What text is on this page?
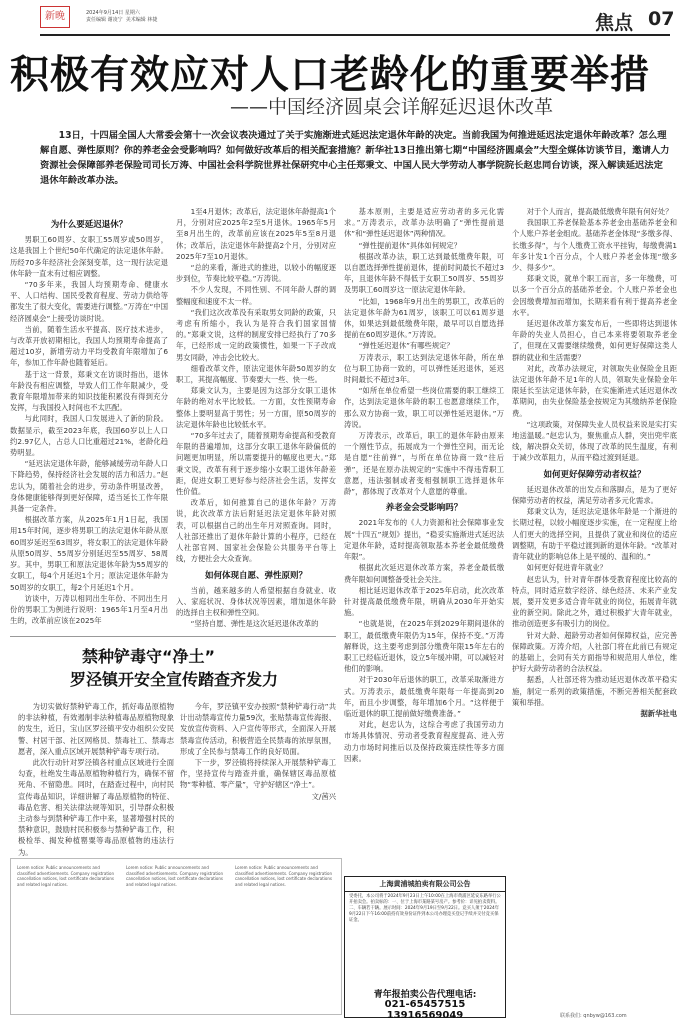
新晚	2024年9月14日 星期六
责任编辑 谢凌宁  美术编辑 林捷	焦点 07
积极有效应对人口老龄化的重要举措
——中国经济圆桌会详解延迟退休改革
13日，十四届全国人大常委会第十一次会议表决通过了关于实施渐进式延迟法定退休年龄的决定。当前我国为何推进延迟法定退休年龄改革？怎么理解自愿、弹性原则？你的养老金会受影响吗？如何做好改革后的相关配套措施？新华社13日推出第七期“中国经济圆桌会”大型全媒体访谈节目，邀请人力资源社会保障部养老保险司司长万涛、中国社会科学院世界社保研究中心主任郑秉文、中国人民大学劳动人事学院院长赵忠同台访谈，深入解读延迟法定退休年龄改革办法。
为什么要延迟退休？

男职工60周岁、女职工55周岁或50周岁，这是我国上个世纪50年代确定的法定退休年龄。历经70多年经济社会深刻变革，这一现行法定退休年龄一直未有过相应调整。

“70多年来，我国人均预期寿命、健康水平、人口结构、国民受教育程度、劳动力供给等都发生了很大变化，需要进行调整。”万涛在“中国经济圆桌会”上接受访谈时说。

当前，随着生活水平提高、医疗技术进步，与改革开放初期相比，我国人均预期寿命提高了超过10岁，新增劳动力平均受教育年限增加了6年，参加工作年龄也随着延后。

基于这一背景，郑秉文在访谈时指出，退休年龄没有相应调整，导致人们工作年限减少，受教育年限增加带来的知识技能积累没有得到充分发挥，与我国投入时间也不太匹配。

与此同时，我国人口发展进入了新的阶段。数据显示，截至2023年底，我国60岁以上人口约2.97亿人，占总人口比重超过21%，老龄化趋势明显。

“延迟法定退休年龄，能够减缓劳动年龄人口下降趋势，保持经济社会发展的活力和活力。”赵忠认为，随着社会的进步，劳动条件明显改善，身体健康能够得到更好保障，适当延长工作年限具备一定条件。

根据改革方案，从2025年1月1日起，我国用15年时间，逐步将男职工的法定退休年龄从原60周岁延迟至63周岁，将女职工的法定退休年龄从原50周岁、55周岁分别延迟至55周岁、58周岁。其中，男职工和原法定退休年龄为55周岁的女职工，每4个月延迟1个月；原法定退休年龄为50周岁的女职工，每2个月延迟1个月。

访谈中，万涛以相同出生年份、不同出生月份的男职工为例进行说明：1965年1月至4月出生的，改革前应该在2025年

1至4月退休；改革后，法定退休年龄提高1个月，分别对应2025年2至5月退休。1965年5月至8月出生的，改革前应该在2025年5至8月退休；改革后，法定退休年龄提高2个月，分别对应2025年7至10月退休。

“总的来看，渐进式的推进，以较小的幅度逐步到位，节奏比较平稳。”万涛说。

不少人发现，不同性别、不同年龄人群的调整幅度和速度不太一样。

“我们这次改革没有采取男女同龄的政策，只考虑有所缩小，我认为是符合我们国家国情的。”郑秉文说，这样的制度安排已经执行了70多年，已经形成一定的政策惯性，如果一下子改成男女同龄，冲击会比较大。

细看改革文件，原法定退休年龄50周岁的女职工，其提高幅度、节奏要大一些、快一些。

郑秉文认为，主要是因为这部分女职工退休年龄的绝对水平比较低。一方面，女性预期寿命整体上要明显高于男性；另一方面，原50周岁的法定退休年龄也比较低水平。

“70多年过去了，随着预期寿命提高和受教育年限的普遍增加，这部分女职工退休年龄偏低的问题更加明显，所以需要提升的幅度也更大。”郑秉文说，改革有利于逐步缩小女职工退休年龄差距，促进女职工更好参与经济社会生活，发挥女性价值。

改革后，如何推算自己的退休年龄？万涛说，此次改革方法后附延迟法定退休年龄对照表，可以根据自己的出生年月对照查询。同时，人社部还推出了退休年龄计算的小程序，已经在人社部官网、国家社会保险公共服务平台等上线，方便社会大众查询。

如何体现自愿、弹性原则？

当前，越来越多的人希望根据自身就业、收入、家庭状况、身体状况等因素，增加退休年龄的选择自主权和弹性空间。

“坚持自愿、弹性是这次延迟退休改革的

基本原则，主要是适应劳动者的多元化需求。”万涛表示，改革办法明确了“弹性提前退休”和“弹性延迟退休”两种情况。

“弹性提前退休”具体如何规定？

根据改革办法，职工达到最低缴费年限，可以自愿选择弹性提前退休，提前时间最长不超过3年，且退休年龄不得低于女职工50周岁、55周岁及男职工60周岁这一原法定退休年龄。

“比如，1968年9月出生的男职工，改革后的法定退休年龄为61周岁，该职工可以61周岁退休，如果达到最低缴费年限，最早可以自愿选择提前在60周岁退休。”万涛说。

“弹性延迟退休”有哪些规定？

万涛表示，职工达到法定退休年龄，所在单位与职工协商一致的，可以弹性延迟退休，延迟时间最长不超过3年。

“如所在单位希望一些岗位需要的职工继续工作，达到法定退休年龄的职工也愿意继续工作，那么双方协商一致，职工可以弹性延迟退休。”万涛说。

万涛表示，改革后，职工的退休年龄由原来一个刚性节点，拓展成为一个弹性空间，而无论是自愿“往前弹”，与所在单位协商一致“往后弹”，还是在原办法规定的“实施中不得违背职工意愿，违法强制或者变相强制职工选择退休年龄”，都体现了改革对个人意愿的尊重。

养老金会受影响吗？

2021年发布的《人力资源和社会保障事业发展“十四五”规划》提出，“稳妥实施渐进式延迟法定退休年龄，适时提高领取基本养老金最低缴费年限”。

根据此次延迟退休改革方案，养老金最低缴费年限如何调整备受社会关注。

相比延迟退休改革于2025年启动，此次改革针对提高最低缴费年限，明确从2030年开始实施。

“也就是说，在2025年到2029年期间退休的职工，最低缴费年限仍为15年，保持不变。”万涛解释说，这主要考虑到部分缴费年限15年左右的职工已经临近退休，设立5年缓冲期，可以减轻对他们的影响。

对于2030年后退休的职工，改革采取渐进方式。万涛表示，最低缴费年限每一年提高到20年，而且小步调整，每年增加6个月。“这样便于临近退休的职工提前做好缴费准备。”

对此，赵忠认为，这综合考虑了我国劳动力市场具体情况、劳动者受教育程度提高、进入劳动力市场时间推后以及保持政策连续性等多方面因素。

对于个人而言，提高最低缴费年限有何好处？

我国职工养老保险基本养老金由基础养老金和个人账户养老金组成。基础养老金体现“多缴多得、长缴多得”，与个人缴费工资水平挂钩，每缴费满1年多计发1个百分点，个人账户养老金体现“缴多少、得多少”。

郑秉文说，就单个职工而言，多一年缴费，可以多一个百分点的基础养老金。个人账户养老金也会因缴费增加而增加，长期来看有利于提高养老金水平。

延迟退休改革方案发布后，一些即将达到退休年龄的失业人员担心，自己本来将要领取养老金了，但现在又需要继续缴费，如何更好保障这类人群的就业和生活需要？

对此，改革办法规定，对领取失业保险金且距法定退休年龄不足1年的人员，领取失业保险金年限延长至法定退休年龄，在实施渐进式延迟退休改革期间，由失业保险基金按规定为其缴纳养老保险费。

“这项政策，对保障失业人员权益来说是实打实地送温暖。”赵忠认为，聚焦重点人群，突出兜牢底线，解决群众关切，体现了改革的民生温度，有利于减少改革阻力，从而平稳过渡到延退。

如何更好保障劳动者权益？

延迟退休改革的出发点和落脚点，是为了更好保障劳动者的权益，满足劳动者多元化需求。

郑秉文认为，延迟法定退休年龄是一个渐进的长期过程，以较小幅度逐步实施，在一定程度上给人们更大的选择空间，且提供了就业和岗位的适应调整期，有助于平稳过渡到新的退休年龄。“改革对青年就业的影响总体上是平缓的、温和的。”

如何更好促进青年就业？

赵忠认为，针对青年群体受教育程度比较高的特点，同时适应数字经济、绿色经济、未来产业发展，要开发更多适合青年就业的岗位，拓展青年就业的新空间。除此之外，通过积极扩大青年就业，推动创造更多有吸引力的岗位。

针对大龄、超龄劳动者如何保障权益，应完善保障政策。万涛介绍，人社部门将在此前已有规定的基础上，会同有关方面指导和规范用人单位，维护好大龄劳动者的合法权益。

据悉，人社部还将为推动延迟退休改革平稳实施，制定一系列的政策措施，不断完善相关配套政策和举措。

据新华社电

禁种铲毒守“净土”
罗泾镇开安全宣传踏查齐发力

为切实做好禁种铲毒工作，抓好毒品原植物的非法种植，有效遏制非法种植毒品原植物现象的发生，近日，宝山区罗泾镇平安办组织公安民警、村居干部、社区网格员、禁毒社工、禁毒志愿者，深入重点区域开展禁种铲毒专项行动。

此次行动针对罗泾镇各村重点区域进行全面勾查，杜绝发生毒品原植物种植行为，确保不留死角、不留隐患。同时，在踏查过程中，向村民宣传毒品知识，详细讲解了毒品原植物的特征、毒品危害、相关法律法规等知识，引导群众积极主动参与到禁种铲毒工作中来，显著增强村民的禁种意识，鼓励村民积极参与禁种铲毒工作，积极检举、揭发种植罂粟等毒品原植物的违法行为。

今年，罗泾镇平安办按照“禁种铲毒行动”共计出动禁毒宣传力量59次，张贴禁毒宣传海报、发放宣传资料、入户宣传等形式，全面深入开展禁毒宣传活动，积极营造全民禁毒的浓厚氛围，形成了全民参与禁毒工作的良好局面。

下一步，罗泾镇将持续深入开展禁种铲毒工作，坚持宣传与踏查并重，确保辖区毒品原植物“零种植、零产量”，守护好辖区“净土”。

文/茜兴

Lorem notice: Public announcements and classified advertisements. Company registration cancellation notices, lost certificate declarations and related legal notices.
Lorem notice: Public announcements and classified advertisements. Company registration cancellation notices, lost certificate declarations and related legal notices.
Lorem notice: Public announcements and classified advertisements. Company registration cancellation notices, lost certificate declarations and related legal notices.	上海黄浦城拍卖有限公司公告
受委托，本公司将于2024年9月23日上午10:00在上海市黄浦区延安东路举行公开拍卖会。拍卖标的：一、位于上海市某路某号房产。参考价：详见拍卖资料。二、车辆若干辆。展示时间：2024年9月19日至9月22日。竞买人须于2024年9月22日下午16:00前持有效身份证件到本公司办理竞买登记手续并交付竞买保证金。
青年报拍卖公告代理电话:
021-65457515 13916569049	联系我们: qnbyw@163.com
